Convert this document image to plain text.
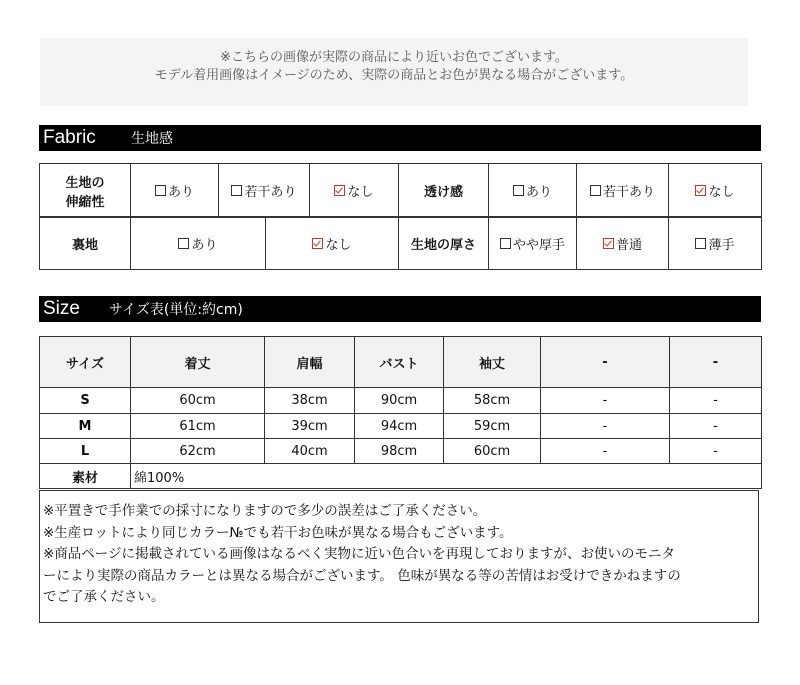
※こちらの画像が実際の商品により近いお色でございます。
モデル着用画像はイメージのため、実際の商品とお色が異なる場合がございます。
Fabric	生地感
生地の
伸縮性
	あり	若干あり	なし	透け感	あり	若干あり	なし
裏地	あり	なし	生地の厚さ	やや厚手	普通	薄手
Size サイズ表(単位:約cm)
サイズ	着丈	肩幅	バスト	袖丈	-	-
S	60cm	38cm	90cm	58cm	-	-
M	61cm	39cm	94cm	59cm	-	-
L	62cm	40cm	98cm	60cm	-	-
素材	綿100%					
※平置きで手作業での採寸になりますので多少の誤差はご了承ください。
※生産ロットにより同じカラー№でも若干お色味が異なる場合もございます。
※商品ページに掲載されている画像はなるべく実物に近い色合いを再現しておりますが、お使いのモニタ
ーにより実際の商品カラーとは異なる場合がございます。 色味が異なる等の苦情はお受けできかねますの
でご了承ください。
